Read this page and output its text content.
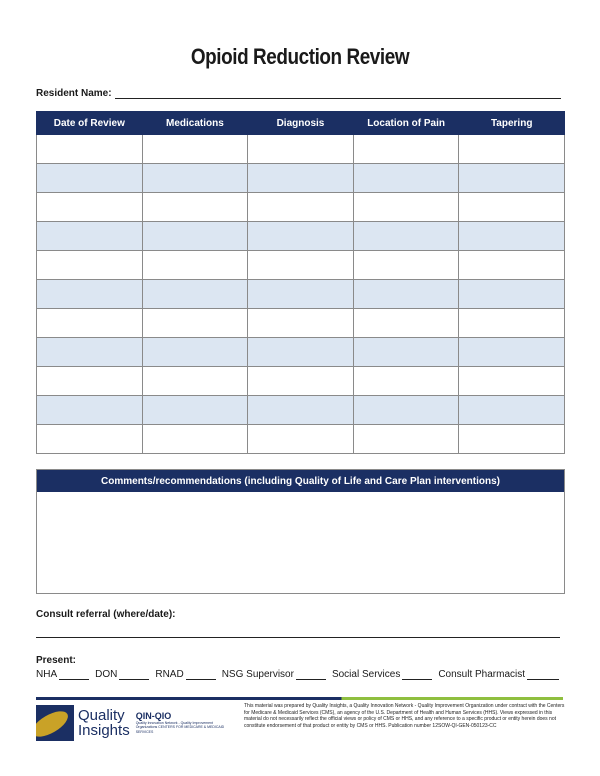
Opioid Reduction Review
Resident Name:
Date of Review	Medications	Diagnosis	Location of Pain	Tapering

Comments/recommendations (including Quality of Life and Care Plan interventions)
Consult referral (where/date):
Present:
NHA	DON	RNAD	NSG Supervisor	Social Services	Consult Pharmacist
Quality
Insights
QIN-QIO
Quality Innovation Network - Quality Improvement Organizations CENTERS FOR MEDICARE & MEDICAID SERVICES
This material was prepared by Quality Insights, a Quality Innovation Network - Quality Improvement Organization under contract with the Centers for Medicare & Medicaid Services (CMS), an agency of the U.S. Department of Health and Human Services (HHS). Views expressed in this material do not necessarily reflect the official views or policy of CMS or HHS, and any reference to a specific product or entity herein does not constitute endorsement of that product or entity by CMS or HHS. Publication number 12SOW-QI-GEN-050123-CC
